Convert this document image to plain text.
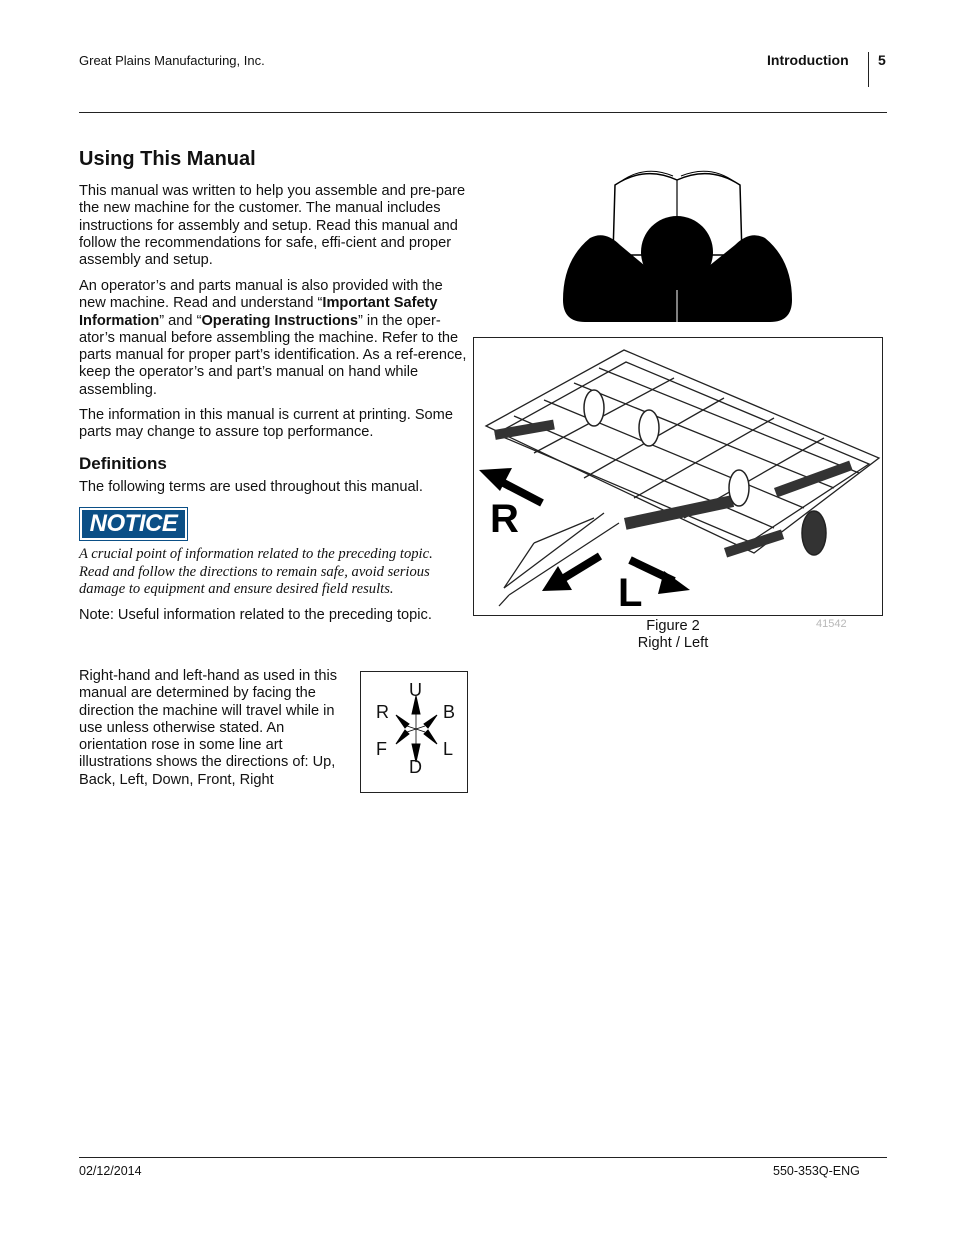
Great Plains Manufacturing, Inc.	Introduction 5
Using This Manual

This manual was written to help you assemble and pre-pare the new machine for the customer. The manual includes instructions for assembly and setup. Read this manual and follow the recommendations for safe, effi-cient and proper assembly and setup.

An operator’s and parts manual is also provided with the new machine. Read and understand “Important Safety Information” and “Operating Instructions” in the oper-ator’s manual before assembling the machine. Refer to the parts manual for proper part’s identification. As a ref-erence, keep the operator’s and part’s manual on hand while assembling.

The information in this manual is current at printing. Some parts may change to assure top performance.

Definitions

The following terms are used throughout this manual.

NOTICE

A crucial point of information related to the preceding topic. Read and follow the directions to remain safe, avoid serious damage to equipment and ensure desired field results.

Note: Useful information related to the preceding topic.

Right-hand and left-hand as used in this manual are determined by facing the direction the machine will travel while in use unless otherwise stated. An orientation rose in some line art illustrations shows the directions of: Up, Back, Left, Down, Front, Right

U
R	B
F	L
D
R
L
41542
Figure 2
Right / Left
02/12/2014	550-353Q-ENG
